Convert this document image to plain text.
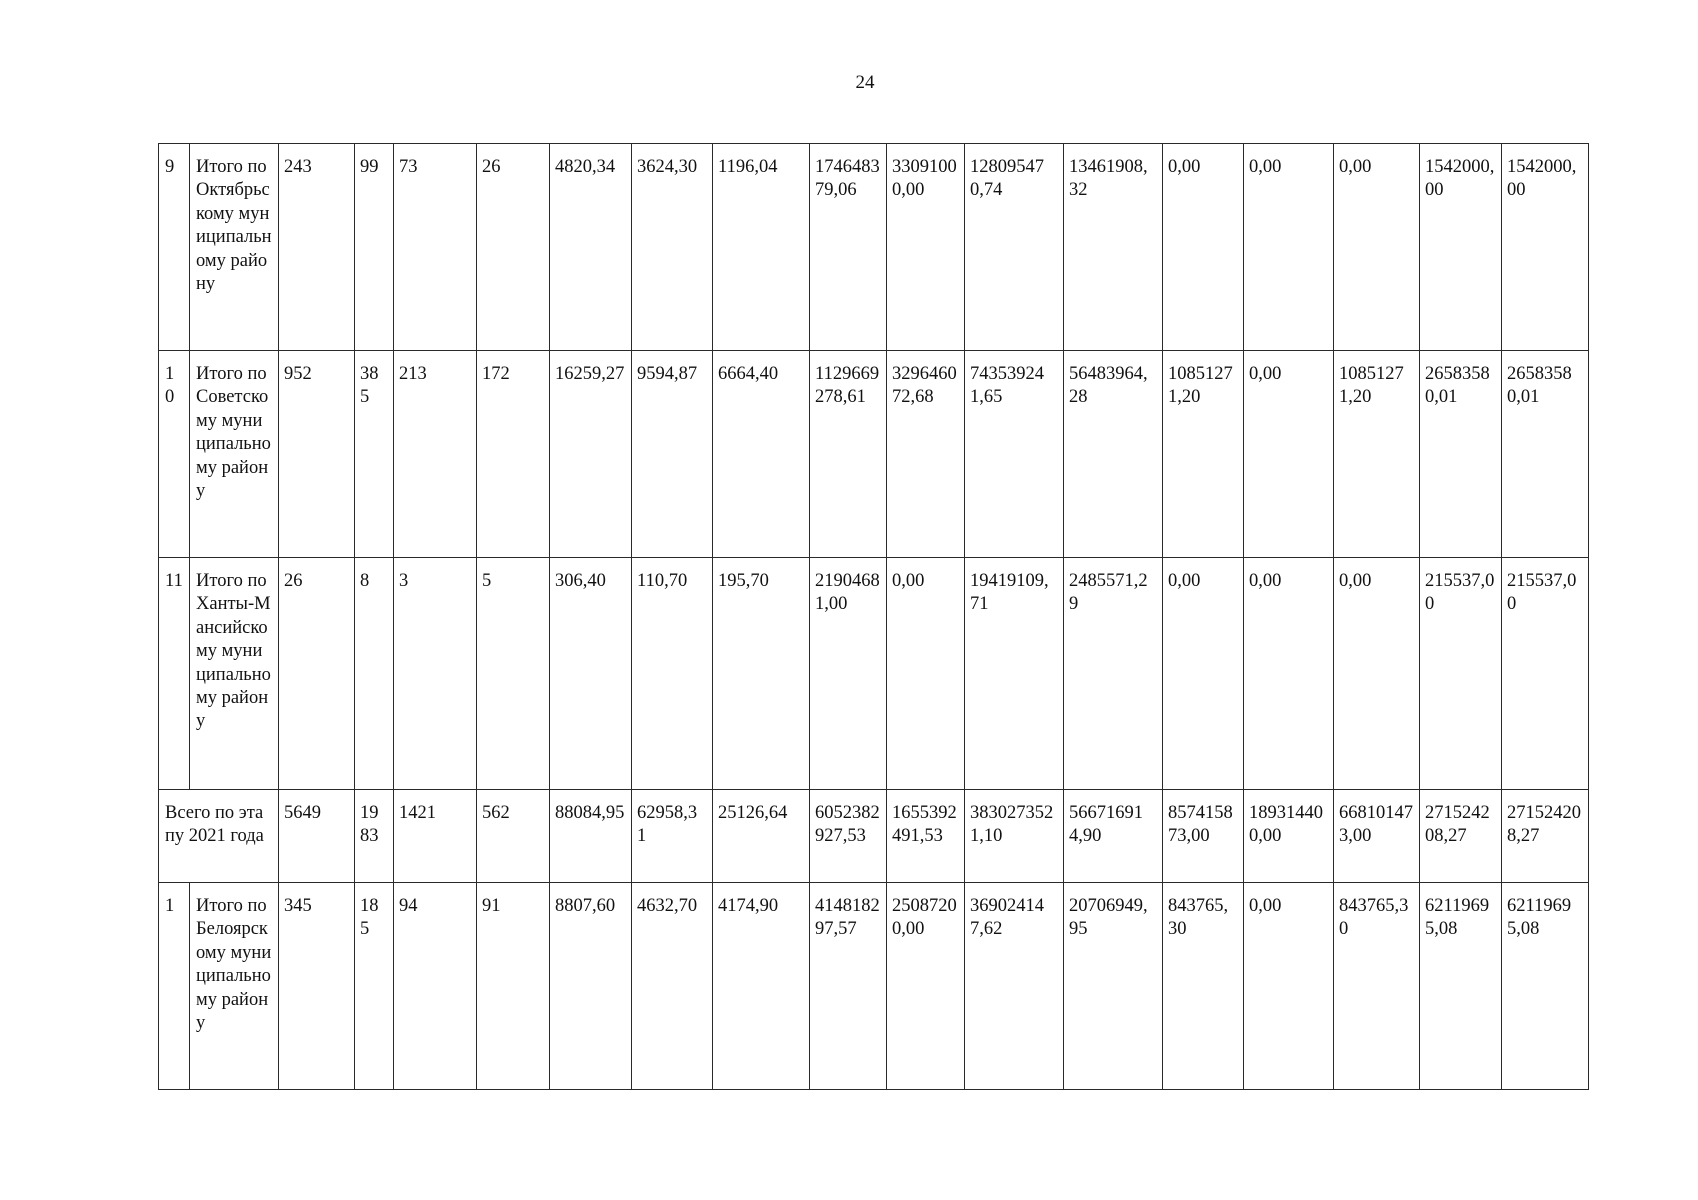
24
9	Итого по Октябрьскому муниципальному району	243	99	73	26	4820,34	3624,30	1196,04	174648379,06	33091000,00	128095470,74	13461908,32	0,00	0,00	0,00	1542000,00	1542000,00
10	Итого по Советскому муниципальному району	952	385	213	172	16259,27	9594,87	6664,40	1129669278,61	329646072,68	743539241,65	56483964,28	10851271,20	0,00	10851271,20	26583580,01	26583580,01
11	Итого по Ханты-Мансийскому муниципальному району	26	8	3	5	306,40	110,70	195,70	21904681,00	0,00	19419109,71	2485571,29	0,00	0,00	0,00	215537,00	215537,00
Всего по этапу 2021 года		5649	1983	1421	562	88084,95	62958,31	25126,64	6052382927,53	1655392491,53	3830273521,10	566716914,90	857415873,00	189314400,00	668101473,00	271524208,27	271524208,27
1	Итого по Белоярскому муниципальному району	345	185	94	91	8807,60	4632,70	4174,90	414818297,57	25087200,00	369024147,62	20706949,95	843765,30	0,00	843765,30	62119695,08	62119695,08
